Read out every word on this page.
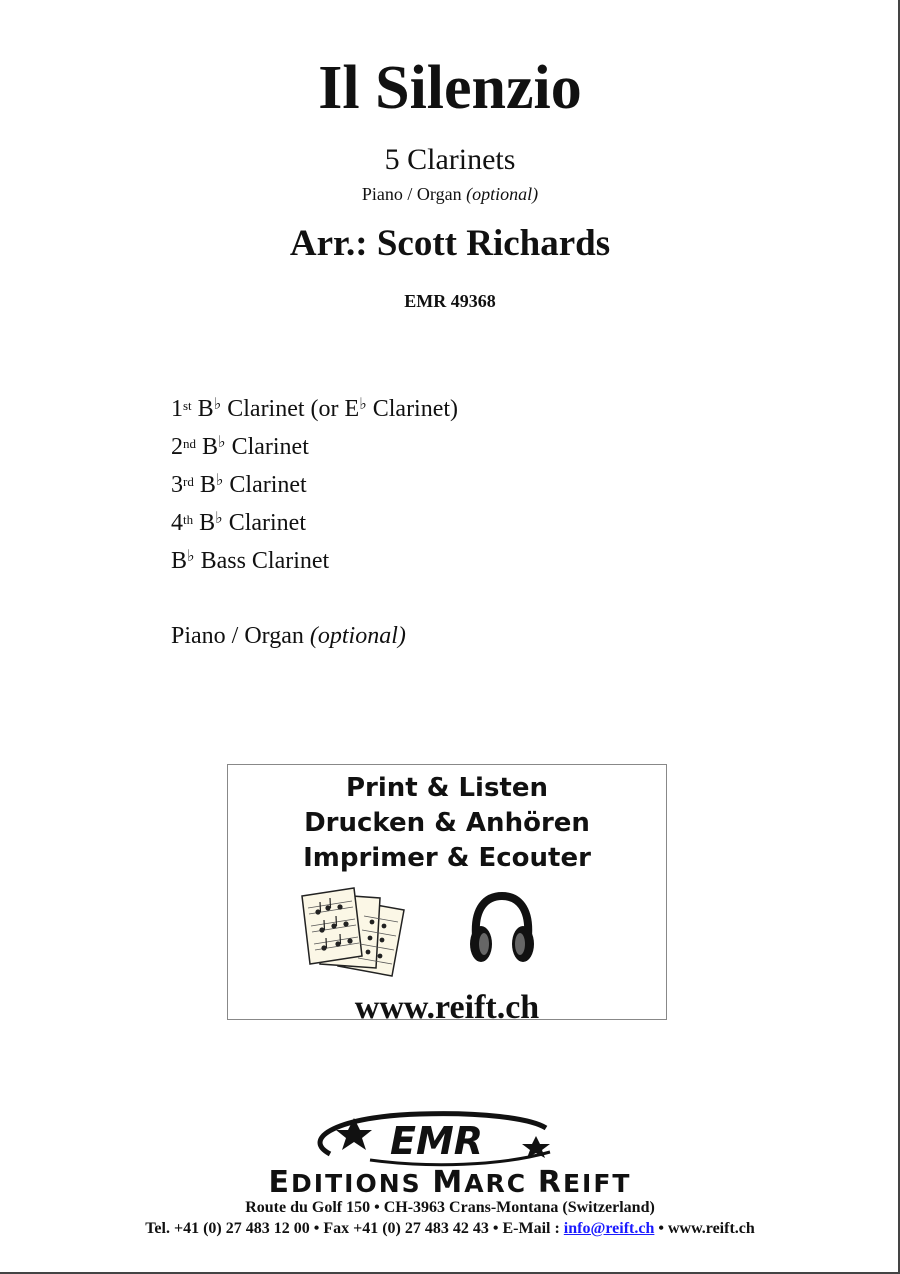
Il Silenzio
5 Clarinets
Piano / Organ (optional)
Arr.: Scott Richards
EMR 49368
1st B♭ Clarinet (or E♭ Clarinet)
2nd B♭ Clarinet
3rd B♭ Clarinet
4th B♭ Clarinet
B♭ Bass Clarinet
Piano / Organ (optional)
Print & Listen
Drucken & Anhören
Imprimer & Ecouter
www.reift.ch
EMR
EDITIONS MARC REIFT
Route du Golf 150 • CH-3963 Crans-Montana (Switzerland)
Tel. +41 (0) 27 483 12 00 • Fax +41 (0) 27 483 42 43 • E-Mail : info@reift.ch • www.reift.ch
